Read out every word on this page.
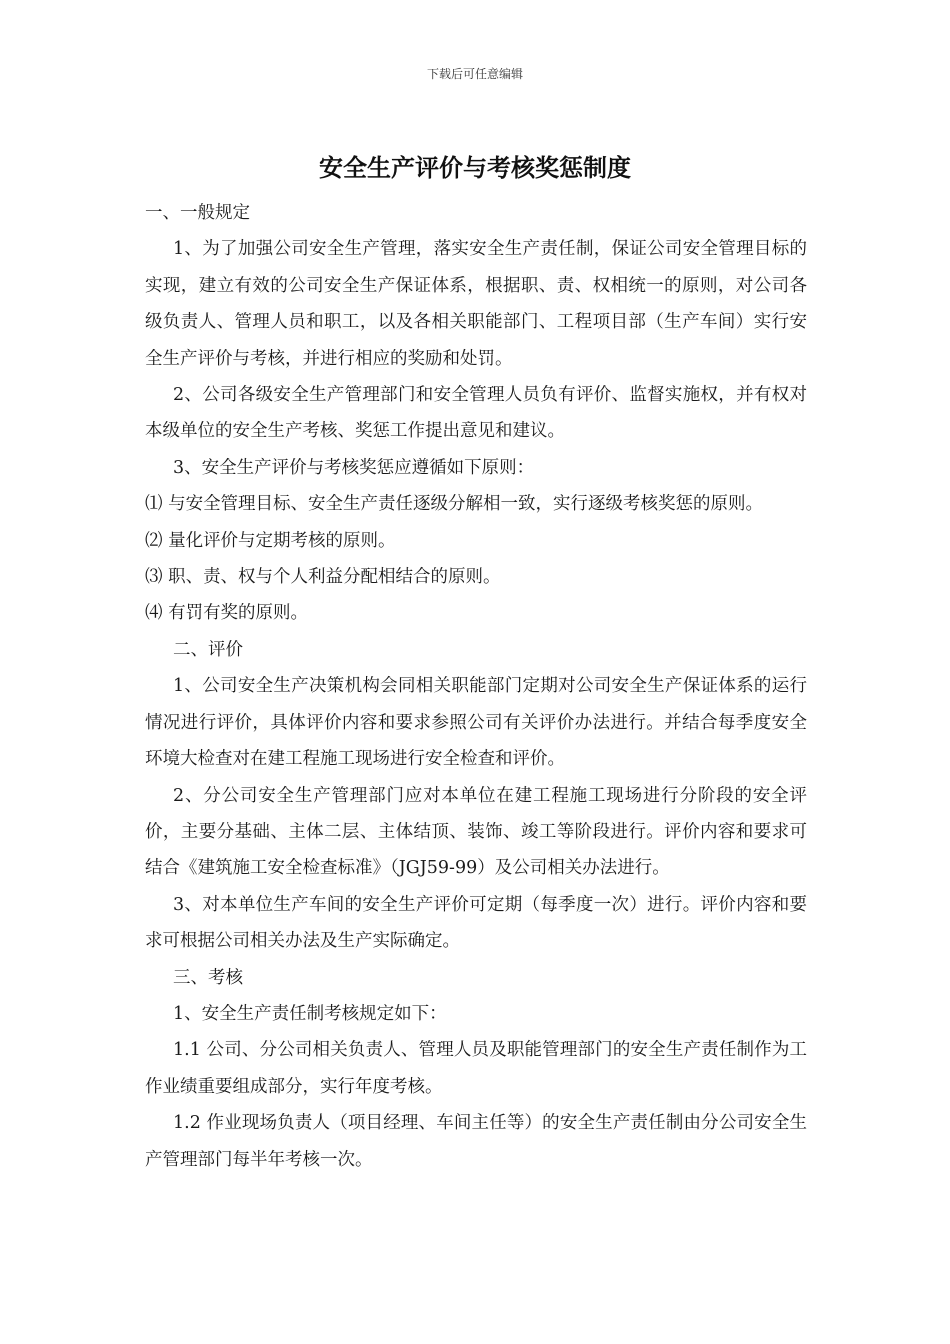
下载后可任意编辑
安全生产评价与考核奖惩制度

一、一般规定

1、为了加强公司安全生产管理，落实安全生产责任制，保证公司安全管理目标的实现，建立有效的公司安全生产保证体系，根据职、责、权相统一的原则，对公司各级负责人、管理人员和职工，以及各相关职能部门、工程项目部（生产车间）实行安全生产评价与考核，并进行相应的奖励和处罚。

2、公司各级安全生产管理部门和安全管理人员负有评价、监督实施权，并有权对本级单位的安全生产考核、奖惩工作提出意见和建议。

3、安全生产评价与考核奖惩应遵循如下原则：

⑴ 与安全管理目标、安全生产责任逐级分解相一致，实行逐级考核奖惩的原则。

⑵ 量化评价与定期考核的原则。

⑶ 职、责、权与个人利益分配相结合的原则。

⑷ 有罚有奖的原则。

二、评价

1、公司安全生产决策机构会同相关职能部门定期对公司安全生产保证体系的运行情况进行评价，具体评价内容和要求参照公司有关评价办法进行。并结合每季度安全环境大检查对在建工程施工现场进行安全检查和评价。

2、分公司安全生产管理部门应对本单位在建工程施工现场进行分阶段的安全评价，主要分基础、主体二层、主体结顶、装饰、竣工等阶段进行。评价内容和要求可结合《建筑施工安全检查标准》（JGJ59-99）及公司相关办法进行。

3、对本单位生产车间的安全生产评价可定期（每季度一次）进行。评价内容和要求可根据公司相关办法及生产实际确定。

三、考核

1、安全生产责任制考核规定如下：

1.1 公司、分公司相关负责人、管理人员及职能管理部门的安全生产责任制作为工作业绩重要组成部分，实行年度考核。

1.2 作业现场负责人（项目经理、车间主任等）的安全生产责任制由分公司安全生产管理部门每半年考核一次。
